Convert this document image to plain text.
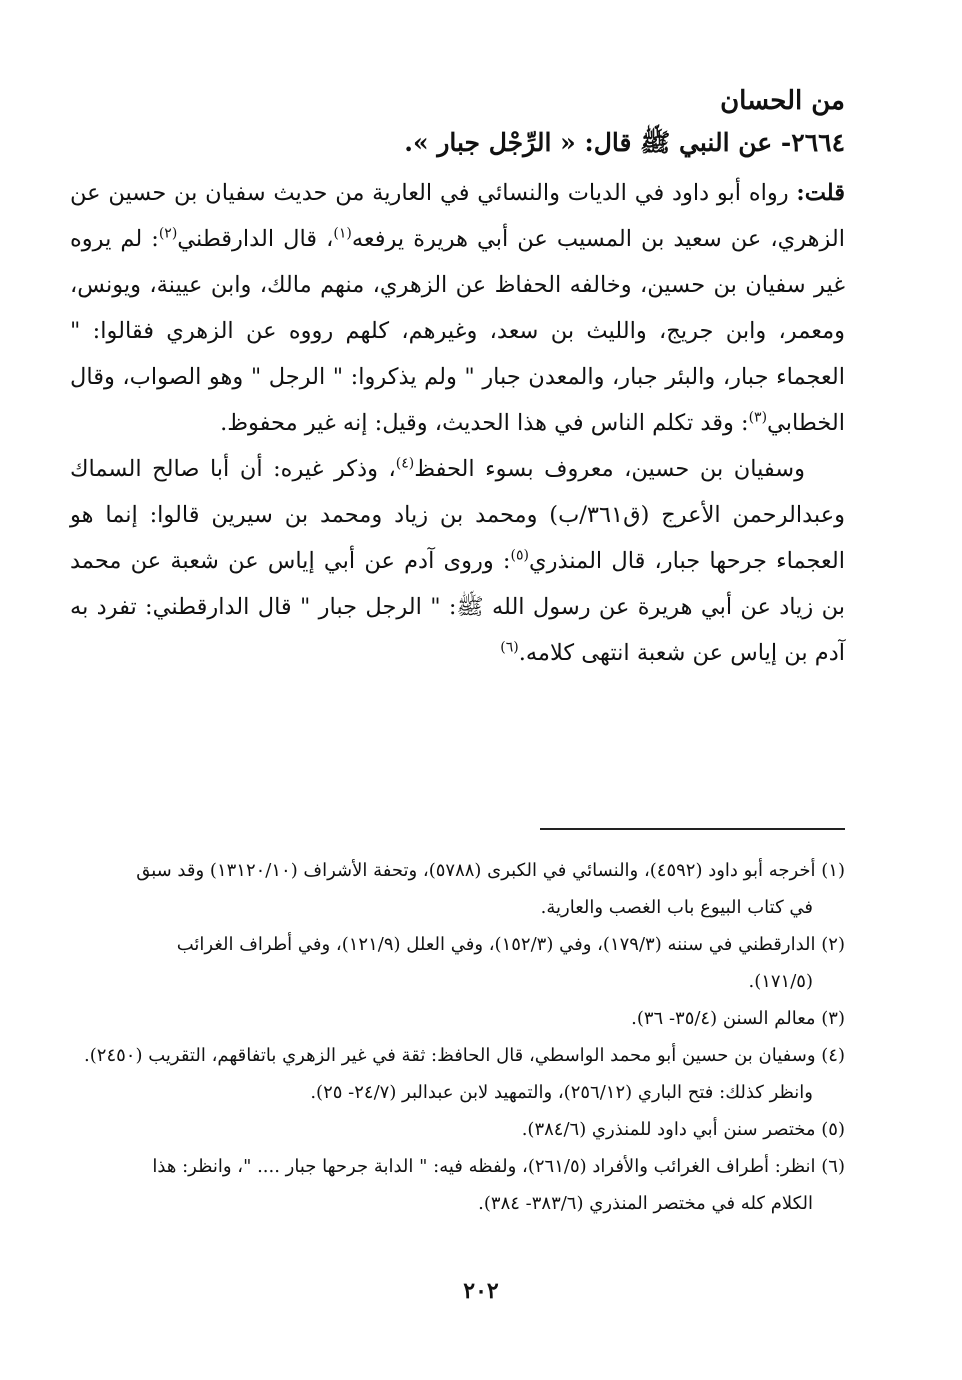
من الحسان

٢٦٦٤- عن النبي ﷺ قال: « الرِّجْل جبار ».

قلت: رواه أبو داود في الديات والنسائي في العارية من حديث سفيان بن حسين عن الزهري، عن سعيد بن المسيب عن أبي هريرة يرفعه$^{(١)}$، قال الدارقطني$^{(٢)}$: لم يروه غير سفيان بن حسين، وخالفه الحفاظ عن الزهري، منهم مالك، وابن عيينة، ويونس، ومعمر، وابن جريج، والليث بن سعد، وغيرهم، كلهم رووه عن الزهري فقالوا: " العجماء جبار، والبئر جبار، والمعدن جبار " ولم يذكروا: " الرجل " وهو الصواب، وقال الخطابي$^{(٣)}$: وقد تكلم الناس في هذا الحديث، وقيل: إنه غير محفوظ.

وسفيان بن حسين، معروف بسوء الحفظ$^{(٤)}$، وذكر غيره: أن أبا صالح السماك وعبدالرحمن الأعرج (ق٣٦١/ب) ومحمد بن زياد ومحمد بن سيرين قالوا: إنما هو العجماء جرحها جبار، قال المنذري$^{(٥)}$: وروى آدم عن أبي إياس عن شعبة عن محمد بن زياد عن أبي هريرة عن رسول الله ﷺ: " الرجل جبار " قال الدارقطني: تفرد به آدم بن إياس عن شعبة انتهى كلامه.$^{(٦)}$

(١) أخرجه أبو داود (٤٥٩٢)، والنسائي في الكبرى (٥٧٨٨)، وتحفة الأشراف (١٣١٢٠/١٠) وقد سبق
في كتاب البيوع باب الغصب والعارية.

(٢) الدارقطني في سننه (١٧٩/٣)، وفي (١٥٢/٣)، وفي العلل (١٢١/٩)، وفي أطراف الغرائب
(١٧١/٥).

(٣) معالم السنن (٣٥/٤- ٣٦).

(٤) وسفيان بن حسين أبو محمد الواسطي، قال الحافظ: ثقة في غير الزهري باتفاقهم، التقريب (٢٤٥٠).
وانظر كذلك: فتح الباري (٢٥٦/١٢)، والتمهيد لابن عبدالبر (٢٤/٧- ٢٥).

(٥) مختصر سنن أبي داود للمنذري (٣٨٤/٦).

(٦) انظر: أطراف الغرائب والأفراد (٢٦١/٥)، ولفظه فيه: " الدابة جرحها جبار .... "، وانظر: هذا
الكلام كله في مختصر المنذري (٣٨٣/٦- ٣٨٤).

٢٠٢
